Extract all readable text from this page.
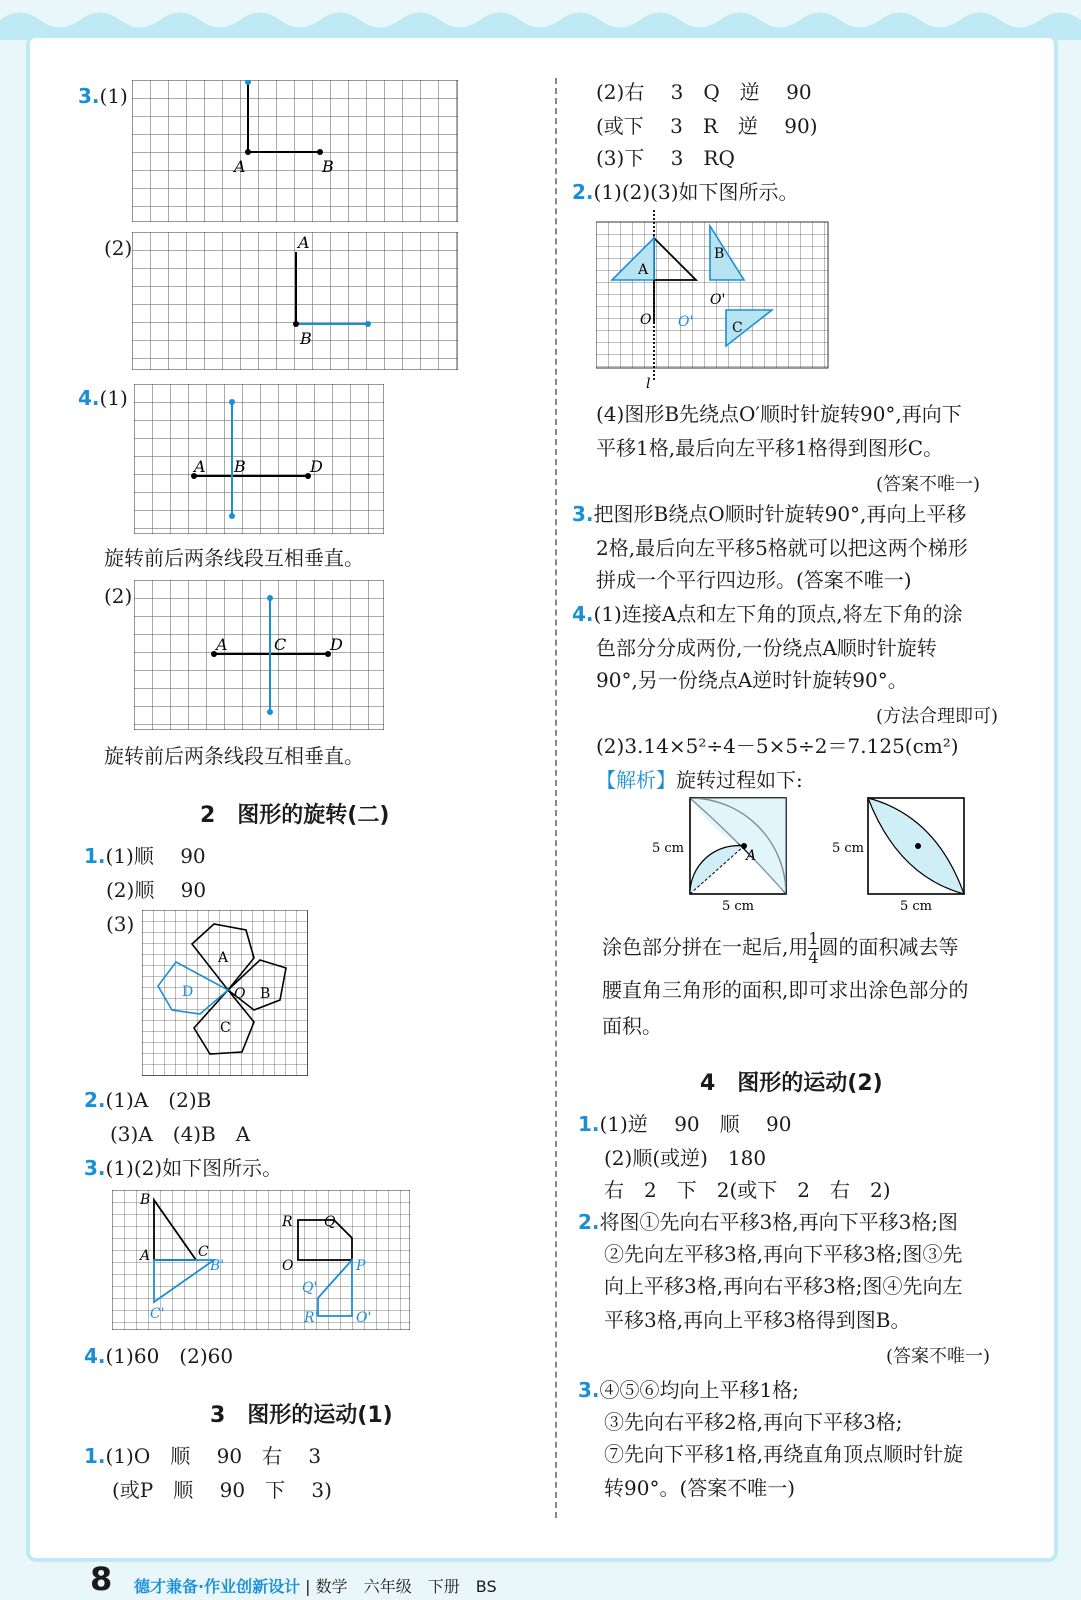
3.(1)
A	B
(2)	A
B
4.(1)
A B	D
旋转前后两条线段互相垂直。
(2)
A	C	D
旋转前后两条线段互相垂直。
2　图形的旋转(二)
1.(1)顺　 90
(2)顺　 90
(3)
A
B
C
D	O
2.(1)A　(2)B
(3)A　(4)B　A
3.(1)(2)如下图所示。
B
A	C
B'
C'
R Q
O	P
Q'
R'	O'
4.(1)60　(2)60
3　图形的运动(1)
1.(1)O　顺　 90　右　 3
(或P　顺　 90　下　 3)
(2)右　 3　Q　逆　 90
(或下　 3　R　逆　 90)
(3)下　 3　RQ
2.(1)(2)(3)如下图所示。
A
B
C
O O'
O'
l
(4)图形B先绕点O′顺时针旋转90°,再向下
平移1格,最后向左平移1格得到图形C。
(答案不唯一)
3.把图形B绕点O顺时针旋转90°,再向上平移
2格,最后向左平移5格就可以把这两个梯形
拼成一个平行四边形。(答案不唯一)
4.(1)连接A点和左下角的顶点,将左下角的涂
色部分分成两份,一份绕点A顺时针旋转
90°,另一份绕点A逆时针旋转90°。
(方法合理即可)
(2)3.14×5²÷4－5×5÷2＝7.125(cm²)
【解析】旋转过程如下:
A
5 cm
5 cm
5 cm
5 cm
涂色部分拼在一起后,用 $\frac{1}{4}$ 圆的面积减去等
腰直角三角形的面积,即可求出涂色部分的
面积。
4　图形的运动(2)
1.(1)逆　 90　顺　 90
(2)顺(或逆)　180
右　2　下　2(或下　2　右　2)
2.将图①先向右平移3格,再向下平移3格;图
②先向左平移3格,再向下平移3格;图③先
向上平移3格,再向右平移3格;图④先向左
平移3格,再向上平移3格得到图B。
(答案不唯一)
3.④⑤⑥均向上平移1格;
③先向右平移2格,再向下平移3格;
⑦先向下平移1格,再绕直角顶点顺时针旋
转90°。(答案不唯一)
8 德才兼备·作业创新设计 | 数学　 六年级　 下册　 BS
